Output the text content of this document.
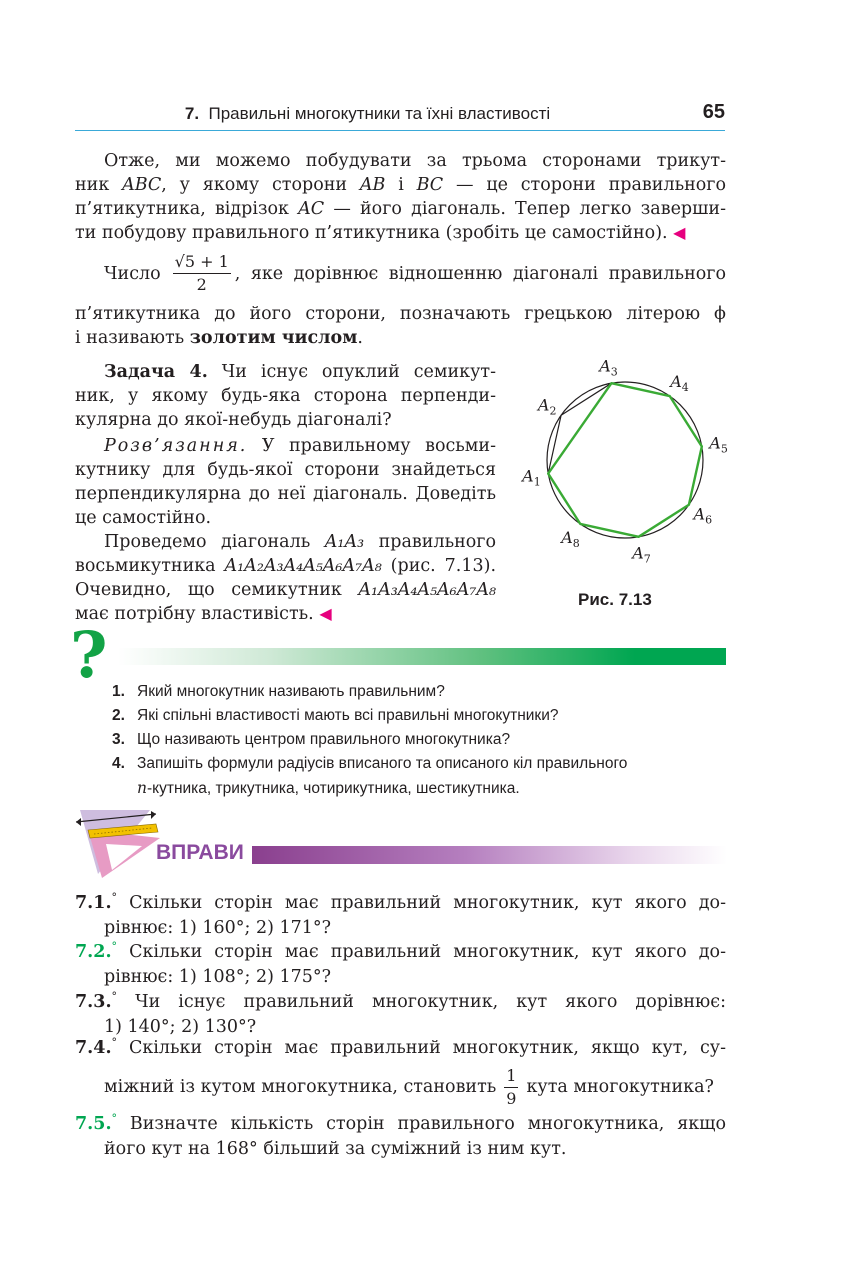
7. Правильні многокутники та їхні властивості	65
Отже, ми можемо побудувати за трьома сторонами трикут-
ник ABC, у якому сторони AB і BC — це сторони правильного
п’ятикутника, відрізок AC — його діагональ. Тепер легко заверши-
ти побудову правильного п’ятикутника (зробіть це самостійно). ◀
Число $\frac{√5 + 1}{2}$ , яке дорівнює відношенню діагоналі правильного
п’ятикутника до його сторони, позначають грецькою літерою ϕ
і називають золотим числом.
Задача 4. Чи існує опуклий семикут-
ник, у якому будь-яка сторона перпенди-
кулярна до якої-небудь діагоналі?
Розв’язання. У правильному восьми-
кутнику для будь-якої сторони знайдеться
перпендикулярна до неї діагональ. Доведіть
це самостійно.
Проведемо діагональ A₁A₃ правильного
восьмикутника A₁A₂A₃A₄A₅A₆A₇A₈ (рис. 7.13).
Очевидно, що семикутник A₁A₃A₄A₅A₆A₇A₈
має потрібну властивість. ◀
$A_1$
$A_2$
$A_3$
$A_4$
$A_5$
$A_6$
$A_7$
$A_8$
Рис. 7.13
? 1. Який многокутник називають правильним?
2. Які спільні властивості мають всі правильні многокутники?
3. Що називають центром правильного многокутника?
4. Запишіть формули радіусів вписаного та описаного кіл правильного
n-кутника, трикутника, чотирикутника, шестикутника.
ВПРАВИ
7.1.° Скільки сторін має правильний многокутник, кут якого до-
рівнює: 1) 160°; 2) 171°?
7.2.° Скільки сторін має правильний многокутник, кут якого до-
рівнює: 1) 108°; 2) 175°?
7.3.° Чи існує правильний многокутник, кут якого дорівнює:
1) 140°; 2) 130°?
7.4.° Скільки сторін має правильний многокутник, якщо кут, су-
міжний із кутом многокутника, становить $\frac{1}{9}$ кута многокутника?
7.5.° Визначте кількість сторін правильного многокутника, якщо
його кут на 168° більший за суміжний із ним кут.
